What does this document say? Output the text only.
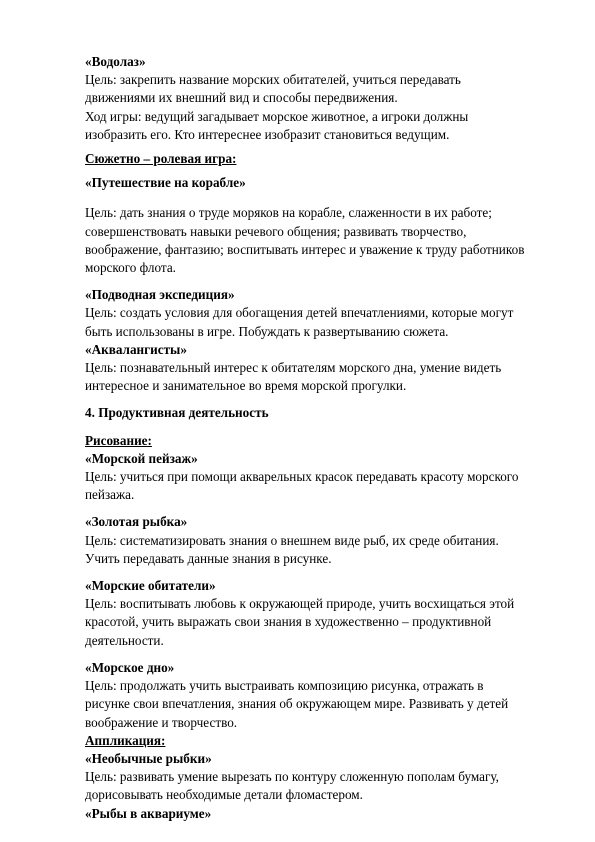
«Водолаз»

Цель: закрепить название морских обитателей, учиться передавать

движениями их внешний вид и способы передвижения.

Ход игры: ведущий загадывает морское животное, а игроки должны

изобразить его. Кто интереснее изобразит становиться ведущим.

Сюжетно – ролевая игра:

«Путешествие на корабле»

Цель: дать знания о труде моряков на корабле, слаженности в их работе;

совершенствовать навыки речевого общения; развивать творчество,

воображение, фантазию; воспитывать интерес и уважение к труду работников

морского флота.

«Подводная экспедиция»

Цель: создать условия для обогащения детей впечатлениями, которые могут

быть использованы в игре. Побуждать к развертыванию сюжета.

«Аквалангисты»

Цель: познавательный интерес к обитателям морского дна, умение видеть

интересное и занимательное во время морской прогулки.

4. Продуктивная деятельность

Рисование:

«Морской пейзаж»

Цель: учиться при помощи акварельных красок передавать красоту морского

пейзажа.

«Золотая рыбка»

Цель: систематизировать знания о внешнем виде рыб, их среде обитания.

Учить передавать данные знания в рисунке.

«Морские обитатели»

Цель: воспитывать любовь к окружающей природе, учить восхищаться этой

красотой, учить выражать свои знания в художественно – продуктивной

деятельности.

«Морское дно»

Цель: продолжать учить выстраивать композицию рисунка, отражать в

рисунке свои впечатления, знания об окружающем мире. Развивать у детей

воображение и творчество.

Аппликация:

«Необычные рыбки»

Цель: развивать умение вырезать по контуру сложенную пополам бумагу,

дорисовывать необходимые детали фломастером.

«Рыбы в аквариуме»
